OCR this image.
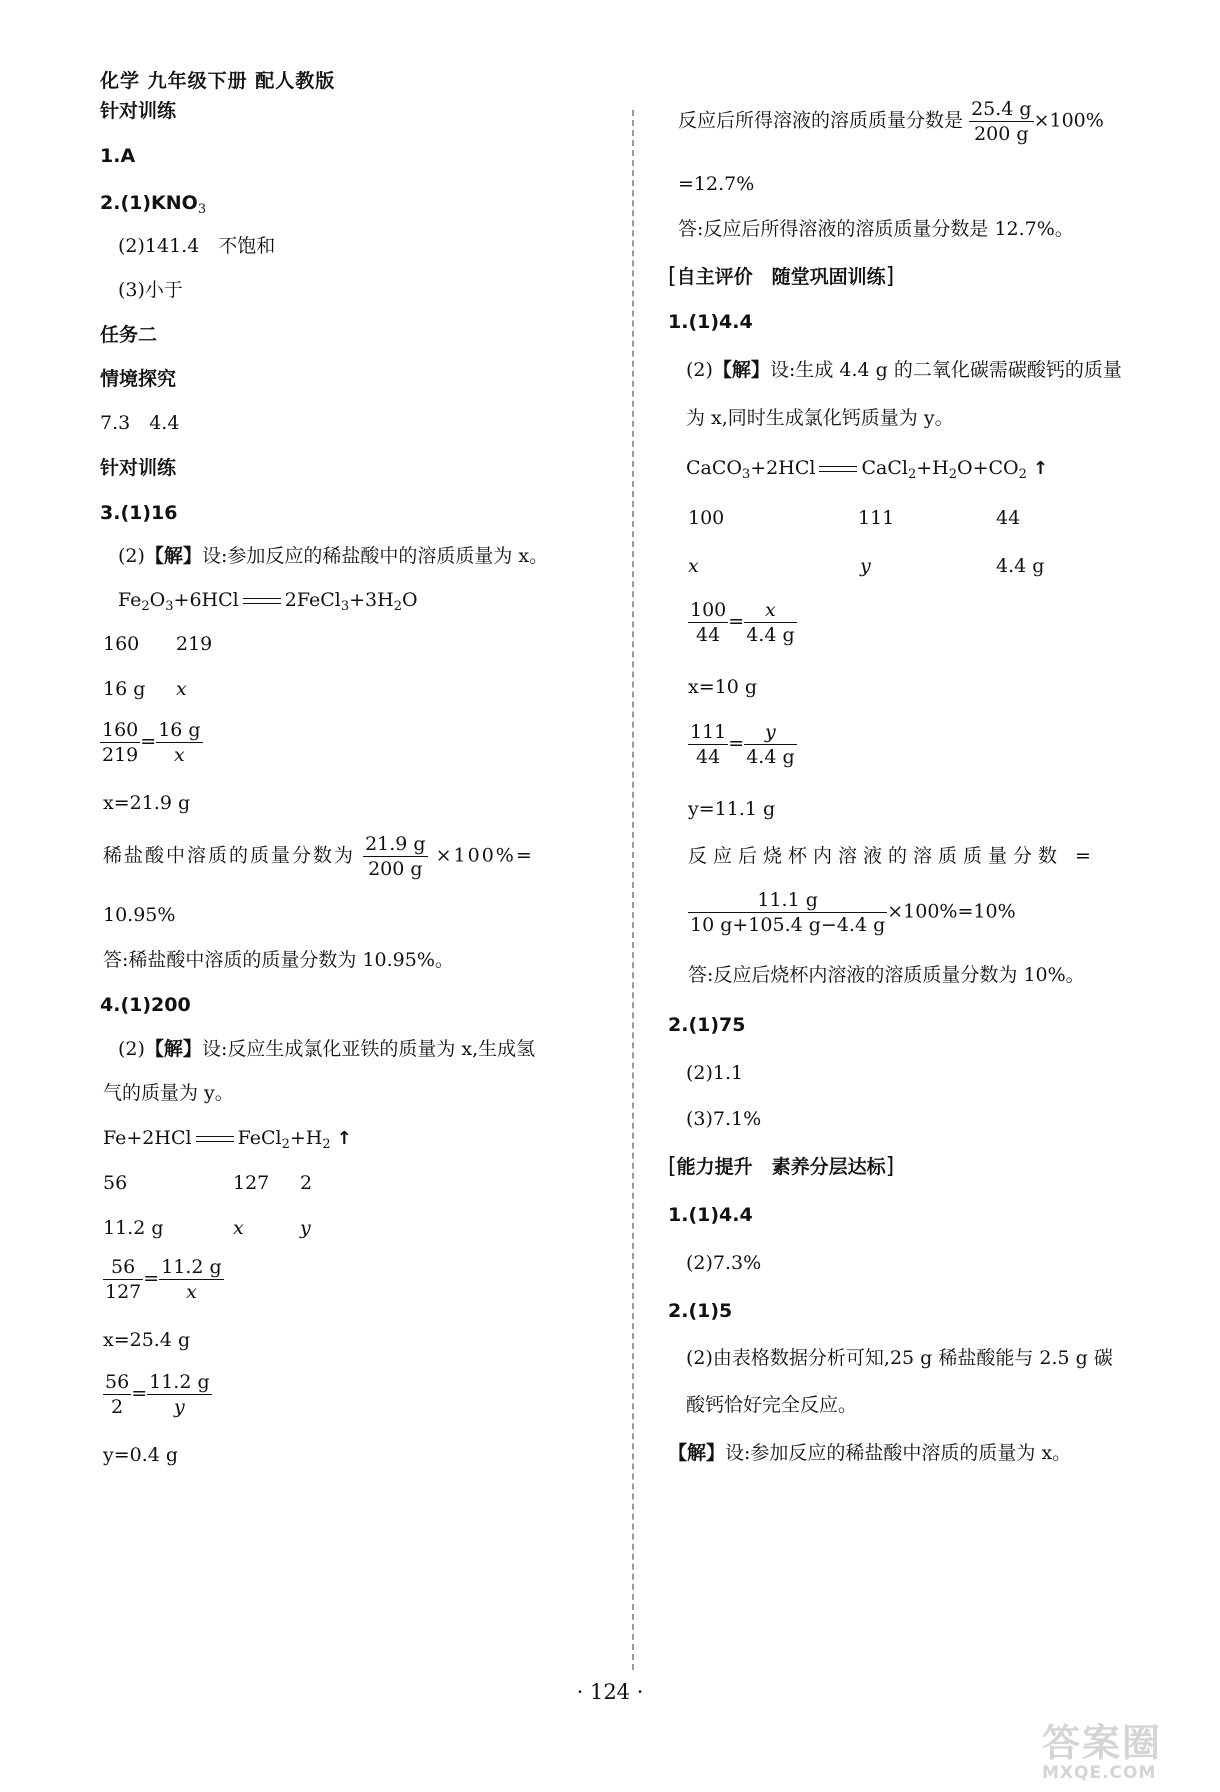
化学 九年级下册 配人教版
针对训练
1.A
$2.(1)KNO_3$
(2)141.4　不饱和
(3)小于
任务二
情境探究
7.3　4.4
针对训练
3.(1)16
(2)【解】设:参加反应的稀盐酸中的溶质质量为 x。
$Fe_2O_3+6HCl$ $2FeCl_3+3H_2O$
160 219
16 g x
$\frac{160}{219} = \frac{16 g}{x}$
x=21.9 g
稀盐酸中溶质的质量分数为 $\frac{21.9 g}{200 g} \times 100\%=$
10.95%
答:稀盐酸中溶质的质量分数为 10.95%。
4.(1)200
(2)【解】设:反应生成氯化亚铁的质量为 x,生成氢
气的质量为 y。
Fe+2HCl $FeCl_2+H_2$ ↑
56	127 2
11.2 g	x	y
$\frac{56}{127} = \frac{11.2 g}{x}$
x=25.4 g
$\frac{56}{2} = \frac{11.2 g}{y}$
y=0.4 g
反应后所得溶液的溶质质量分数是 $\frac{25.4 g}{200 g} \times 100\%$
=12.7%
答:反应后所得溶液的溶质质量分数是 12.7%。
[自主评价　随堂巩固训练]
1.(1)4.4
(2)【解】设:生成 4.4 g 的二氧化碳需碳酸钙的质量
为 x,同时生成氯化钙质量为 y。
CaCO$_3$+2HCl $CaCl_2+H_2O+CO_2$ ↑
100	111	44
x	y	4.4 g
$\frac{100}{44} = \frac{x}{4.4 g}$
x=10 g
$\frac{111}{44} = \frac{y}{4.4 g}$
y=11.1 g
反应后烧杯内溶液的溶质质量分数 =
$\frac{11.1 g}{10 g+105.4 g-4.4 g} \times 100\%=10\%$
答:反应后烧杯内溶液的溶质质量分数为 10%。
2.(1)75
(2)1.1
(3)7.1%
[能力提升　素养分层达标]
1.(1)4.4
(2)7.3%
2.(1)5
(2)由表格数据分析可知,25 g 稀盐酸能与 2.5 g 碳
酸钙恰好完全反应。
【解】设:参加反应的稀盐酸中溶质的质量为 x。
· 124 ·
答案圈
MXQE.COM
